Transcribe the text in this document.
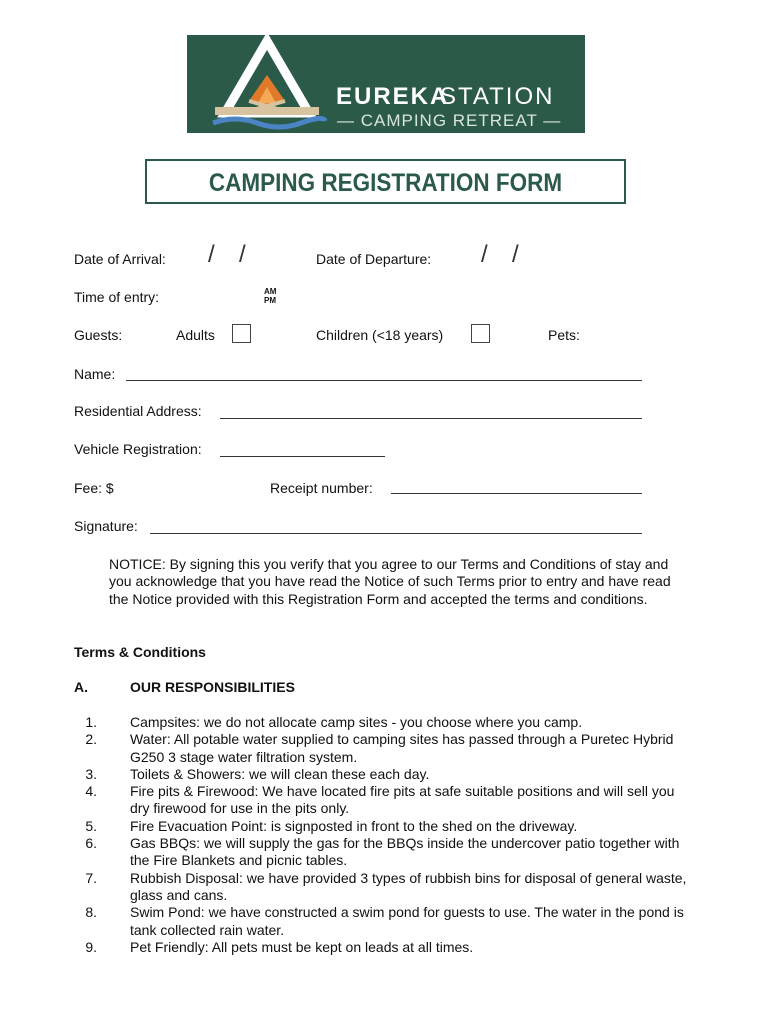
EUREKA
STATION
— CAMPING RETREAT —
CAMPING REGISTRATION FORM
Date of Arrival: / /	Date of Departure: / /
Time of entry:	AM
PM
Guests:	Adults	Children (<18 years)	Pets:
Name:
Residential Address:
Vehicle Registration:
Fee: $	Receipt number:
Signature:
NOTICE: By signing this you verify that you agree to our Terms and Conditions of stay and you acknowledge that you have read the Notice of such Terms prior to entry and have read the Notice provided with this Registration Form and accepted the terms and conditions.
Terms & Conditions
A.	OUR RESPONSIBILITIES
1. Campsites: we do not allocate camp sites - you choose where you camp.
2. Water: All potable water supplied to camping sites has passed through a Puretec Hybrid G250 3 stage water filtration system.
3. Toilets & Showers: we will clean these each day.
4. Fire pits & Firewood: We have located fire pits at safe suitable positions and will sell you dry firewood for use in the pits only.
5. Fire Evacuation Point: is signposted in front to the shed on the driveway.
6. Gas BBQs: we will supply the gas for the BBQs inside the undercover patio together with the Fire Blankets and picnic tables.
7. Rubbish Disposal: we have provided 3 types of rubbish bins for disposal of general waste, glass and cans.
8. Swim Pond: we have constructed a swim pond for guests to use. The water in the pond is tank collected rain water.
9. Pet Friendly: All pets must be kept on leads at all times.
